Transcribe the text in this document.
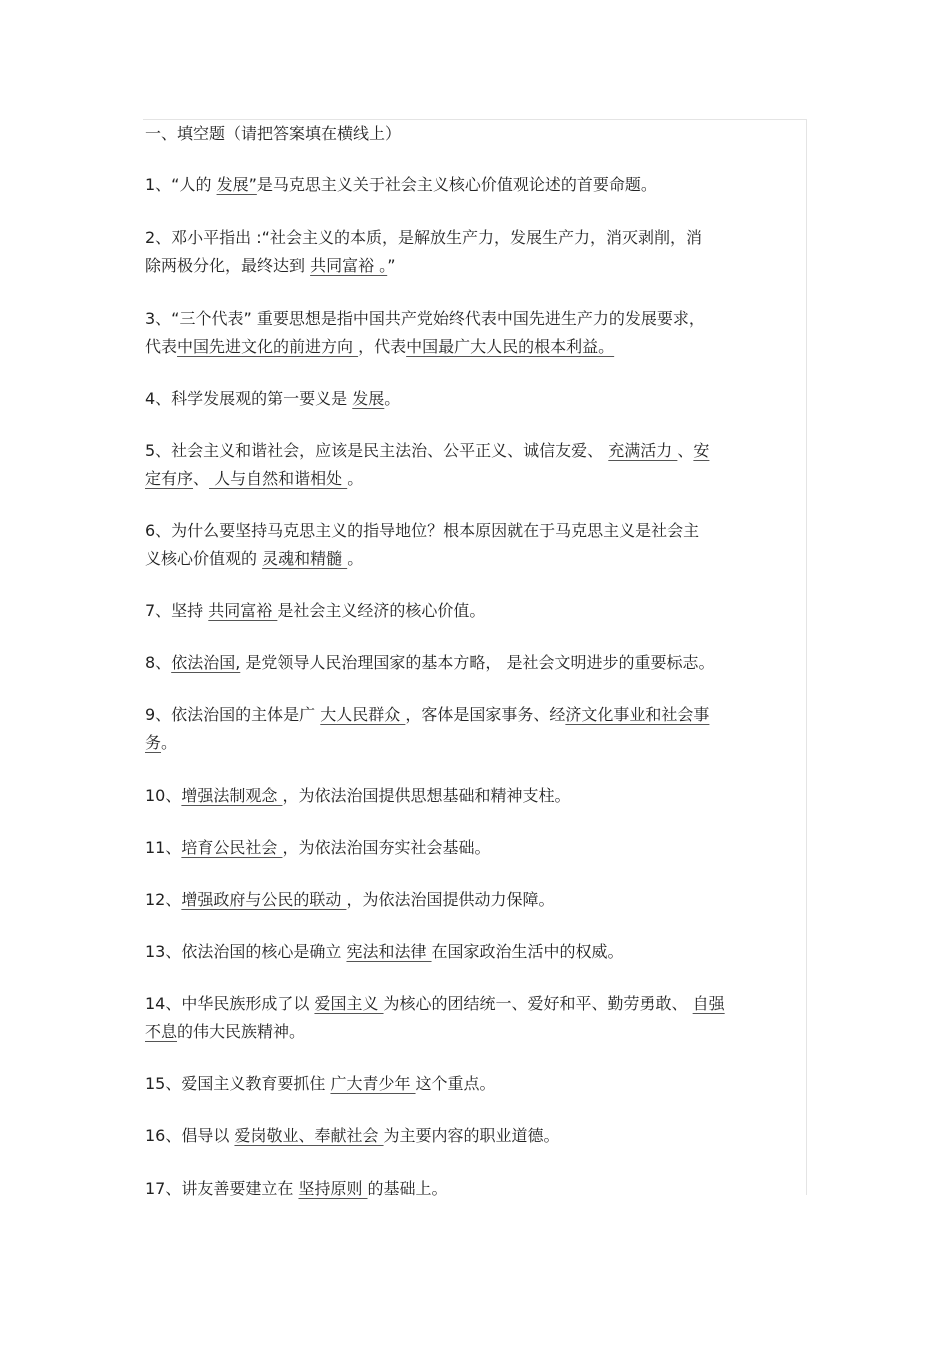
一、填空题（请把答案填在横线上）
1、“人的 发展”是马克思主义关于社会主义核心价值观论述的首要命题。
2、邓小平指出 :“社会主义的本质，是解放生产力，发展生产力，消灭剥削，消
除两极分化，最终达到 共同富裕 。”
3、“三个代表” 重要思想是指中国共产党始终代表中国先进生产力的发展要求，
代表中国先进文化的前进方向 ，代表中国最广大人民的根本利益。
4、科学发展观的第一要义是 发展。
5、社会主义和谐社会，应该是民主法治、公平正义、诚信友爱、 充满活力 、安
定有序、 人与自然和谐相处 。
6、为什么要坚持马克思主义的指导地位？根本原因就在于马克思主义是社会主
义核心价值观的 灵魂和精髓 。
7、坚持 共同富裕 是社会主义经济的核心价值。
8、依法治国, 是党领导人民治理国家的基本方略， 是社会文明进步的重要标志。
9、依法治国的主体是广 大人民群众 ，客体是国家事务、经济文化事业和社会事
务。
10、增强法制观念 ，为依法治国提供思想基础和精神支柱。
11、培育公民社会 ，为依法治国夯实社会基础。
12、增强政府与公民的联动 ，为依法治国提供动力保障。
13、依法治国的核心是确立 宪法和法律 在国家政治生活中的权威。
14、中华民族形成了以 爱国主义 为核心的团结统一、爱好和平、勤劳勇敢、 自强
不息的伟大民族精神。
15、爱国主义教育要抓住 广大青少年 这个重点。
16、倡导以 爱岗敬业、奉献社会 为主要内容的职业道德。
17、讲友善要建立在 坚持原则 的基础上。
